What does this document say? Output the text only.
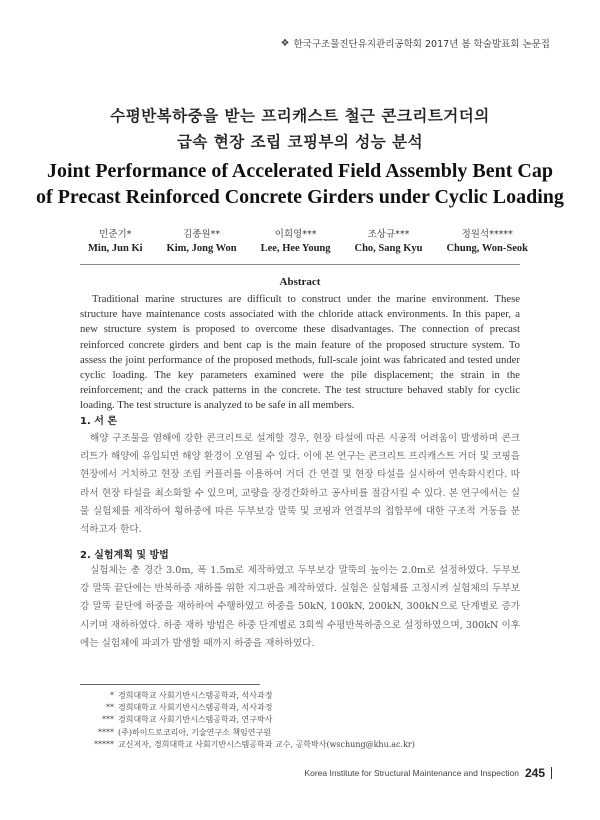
❖ 한국구조물진단유지관리공학회 2017년 봄 학술발표회 논문집
수평반복하중을 받는 프리캐스트 철근 콘크리트거더의
급속 현장 조립 코핑부의 성능 분석
Joint Performance of Accelerated Field Assembly Bent Cap
of Precast Reinforced Concrete Girders under Cyclic Loading
민준기*
Min, Jun Ki
김종원**
Kim, Jong Won
이희영***
Lee, Hee Young
조상규***
Cho, Sang Kyu
정원석*****
Chung, Won-Seok
Abstract
Traditional marine structures are difficult to construct under the marine environment. These structure have maintenance costs associated with the chloride attack environments. In this paper, a new structure system is proposed to overcome these disadvantages. The connection of precast reinforced concrete girders and bent cap is the main feature of the proposed structure system. To assess the joint performance of the proposed methods, full-scale joint was fabricated and tested under cyclic loading. The key parameters examined were the pile displacement; the strain in the reinforcement; and the crack patterns in the concrete. The test structure behaved stably for cyclic loading. The test structure is analyzed to be safe in all members.
1. 서 론
해양 구조물을 염해에 강한 콘크리트로 설계할 경우, 현장 타설에 따른 시공적 어려움이 발생하며 콘크리트가 해양에 유입되면 해양 환경이 오염될 수 있다. 이에 본 연구는 콘크리트 프리캐스트 거더 및 코핑을 현장에서 거치하고 현장 조립 커플러를 이용하여 거더 간 연결 및 현장 타설을 실시하여 연속화시킨다. 따라서 현장 타설을 최소화할 수 있으며, 교량을 장경간화하고 공사비를 절감시킬 수 있다. 본 연구에서는 실물 실험체를 제작하여 횡하중에 따른 두부보강 말뚝 및 코핑과 연결부의 접합부에 대한 구조적 거동을 분석하고자 한다.
2. 실험계획 및 방법
실험체는 총 경간 3.0m, 폭 1.5m로 제작하였고 두부보강 말뚝의 높이는 2.0m로 설정하였다. 두부보강 말뚝 끝단에는 반복하중 재하를 위한 지그판을 제작하였다. 실험은 실험체를 고정시켜 실험체의 두부보강 말뚝 끝단에 하중을 재하하여 수행하였고 하중을 50kN, 100kN, 200kN, 300kN으로 단계별로 증가시키며 재하하였다. 하중 재하 방법은 하중 단계별로 3회씩 수평반복하중으로 설정하였으며, 300kN 이후에는 실험체에 파괴가 발생할 때까지 하중을 재하하였다.
* 경희대학교 사회기반시스템공학과, 석사과정
** 경희대학교 사회기반시스템공학과, 석사과정
*** 경희대학교 사회기반시스템공학과, 연구박사
**** (주)하이드로코리아, 기술연구소 책임연구원
***** 교신저자, 경희대학교 사회기반시스템공학과 교수, 공학박사(wschung@khu.ac.kr)
Korea Institute for Structural Maintenance and Inspection 245
